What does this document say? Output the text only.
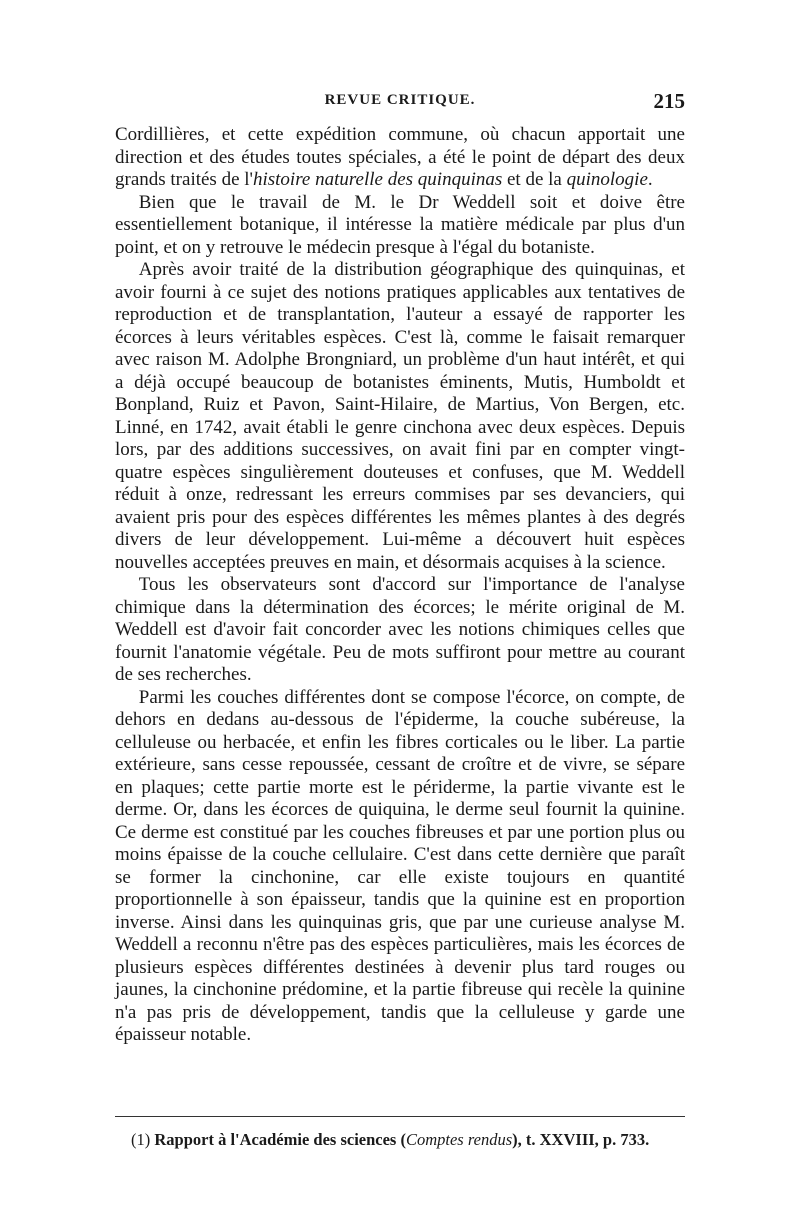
REVUE CRITIQUE.	215

Cordillières, et cette expédition commune, où chacun apportait une direction et des études toutes spéciales, a été le point de départ des deux grands traités de l'histoire naturelle des quinquinas et de la quinologie.

Bien que le travail de M. le Dr Weddell soit et doive être essentiellement botanique, il intéresse la matière médicale par plus d'un point, et on y retrouve le médecin presque à l'égal du botaniste.

Après avoir traité de la distribution géographique des quinquinas, et avoir fourni à ce sujet des notions pratiques applicables aux tentatives de reproduction et de transplantation, l'auteur a essayé de rapporter les écorces à leurs véritables espèces. C'est là, comme le faisait remarquer avec raison M. Adolphe Brongniard, un problème d'un haut intérêt, et qui a déjà occupé beaucoup de botanistes éminents, Mutis, Humboldt et Bonpland, Ruiz et Pavon, Saint-Hilaire, de Martius, Von Bergen, etc. Linné, en 1742, avait établi le genre cinchona avec deux espèces. Depuis lors, par des additions successives, on avait fini par en compter vingt-quatre espèces singulièrement douteuses et confuses, que M. Weddell réduit à onze, redressant les erreurs commises par ses devanciers, qui avaient pris pour des espèces différentes les mêmes plantes à des degrés divers de leur développement. Lui-même a découvert huit espèces nouvelles acceptées preuves en main, et désormais acquises à la science.

Tous les observateurs sont d'accord sur l'importance de l'analyse chimique dans la détermination des écorces; le mérite original de M. Weddell est d'avoir fait concorder avec les notions chimiques celles que fournit l'anatomie végétale. Peu de mots suffiront pour mettre au courant de ses recherches.

Parmi les couches différentes dont se compose l'écorce, on compte, de dehors en dedans au-dessous de l'épiderme, la couche subéreuse, la celluleuse ou herbacée, et enfin les fibres corticales ou le liber. La partie extérieure, sans cesse repoussée, cessant de croître et de vivre, se sépare en plaques; cette partie morte est le périderme, la partie vivante est le derme. Or, dans les écorces de quiquina, le derme seul fournit la quinine. Ce derme est constitué par les couches fibreuses et par une portion plus ou moins épaisse de la couche cellulaire. C'est dans cette dernière que paraît se former la cinchonine, car elle existe toujours en quantité proportionnelle à son épaisseur, tandis que la quinine est en proportion inverse. Ainsi dans les quinquinas gris, que par une curieuse analyse M. Weddell a reconnu n'être pas des espèces particulières, mais les écorces de plusieurs espèces différentes destinées à devenir plus tard rouges ou jaunes, la cinchonine prédomine, et la partie fibreuse qui recèle la quinine n'a pas pris de développement, tandis que la celluleuse y garde une épaisseur notable.

(1) Rapport à l'Académie des sciences (Comptes rendus), t. XXVIII, p. 733.
